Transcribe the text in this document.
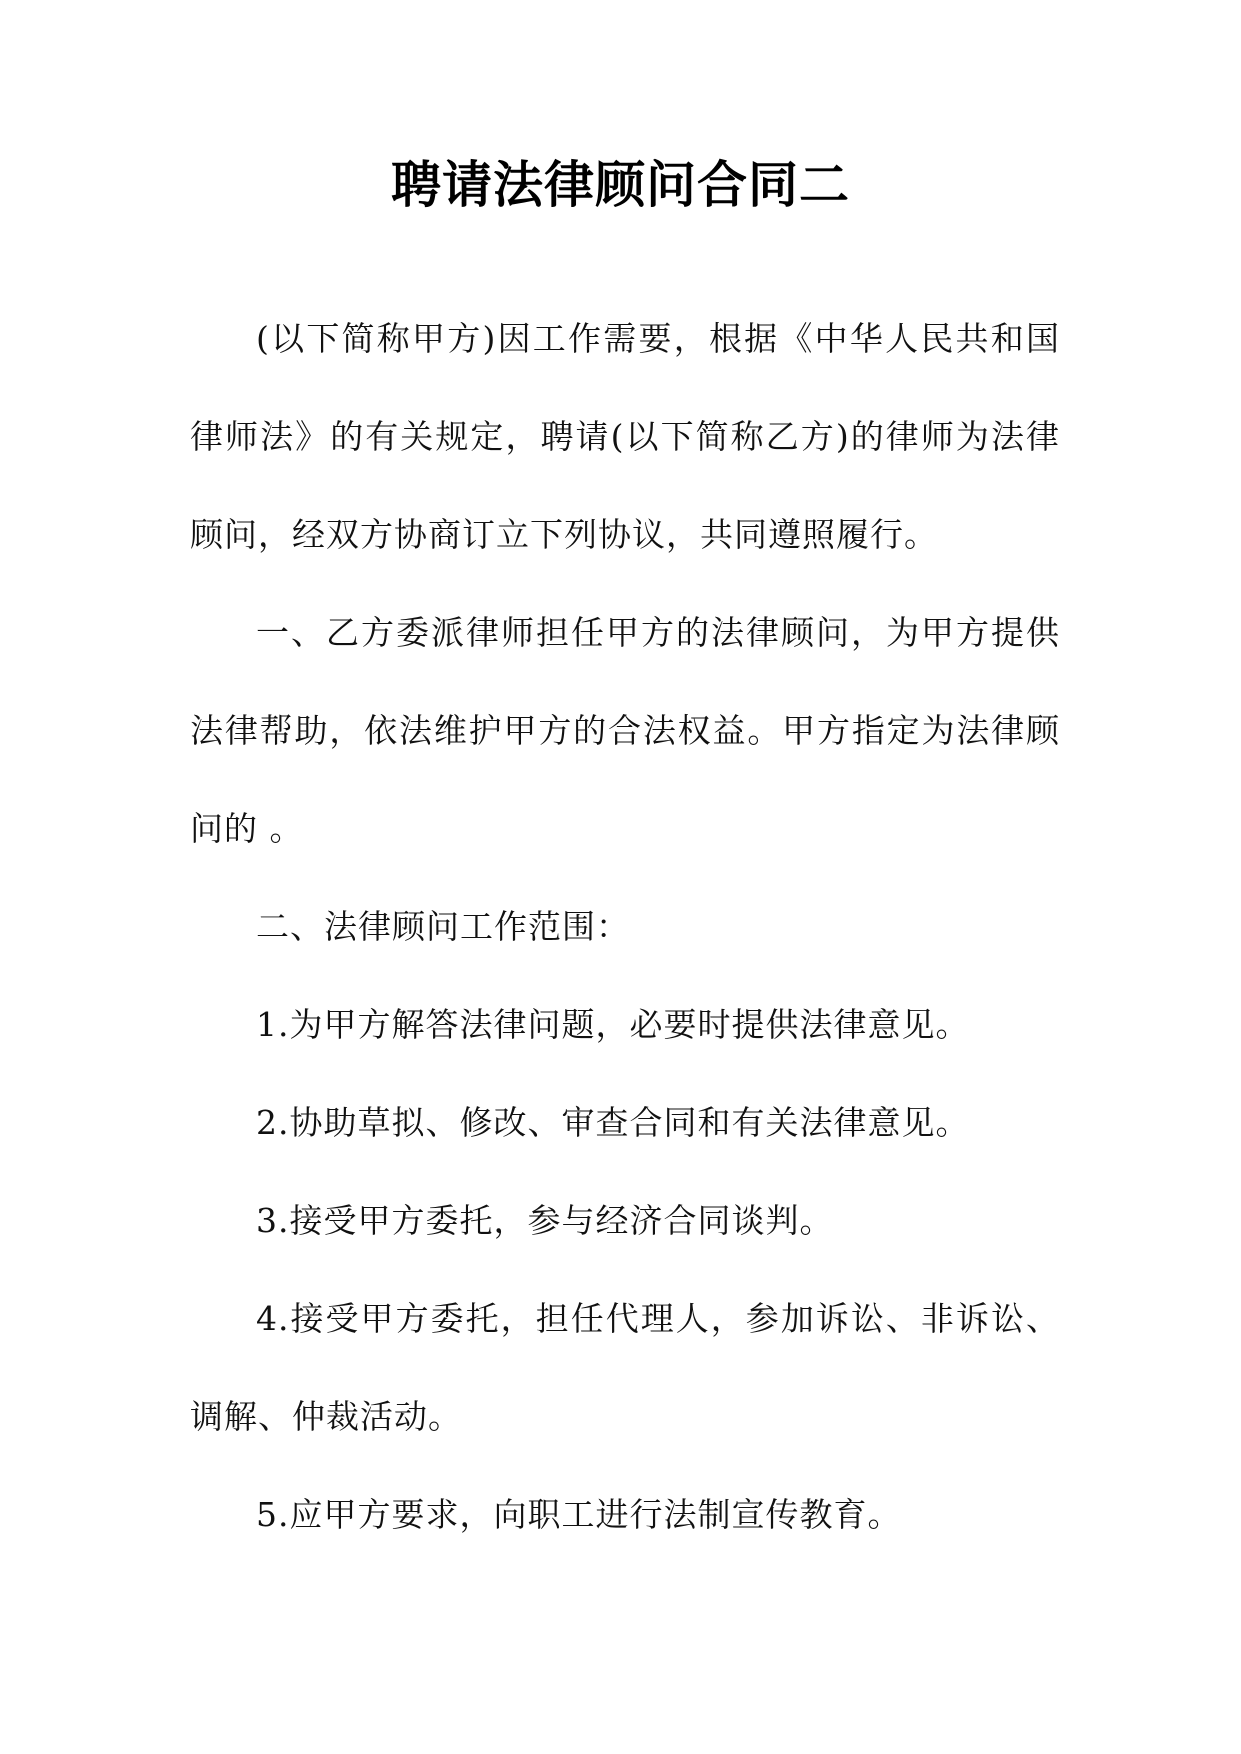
聘请法律顾问合同二

(以下简称甲方)因工作需要，根据《中华人民共和国律师法》的有关规定，聘请(以下简称乙方)的律师为法律顾问，经双方协商订立下列协议，共同遵照履行。

一、乙方委派律师担任甲方的法律顾问，为甲方提供法律帮助，依法维护甲方的合法权益。甲方指定为法律顾问的 。

二、法律顾问工作范围：

1.为甲方解答法律问题，必要时提供法律意见。

2.协助草拟、修改、审查合同和有关法律意见。

3.接受甲方委托，参与经济合同谈判。

4.接受甲方委托，担任代理人，参加诉讼、非诉讼、调解、仲裁活动。

5.应甲方要求，向职工进行法制宣传教育。
